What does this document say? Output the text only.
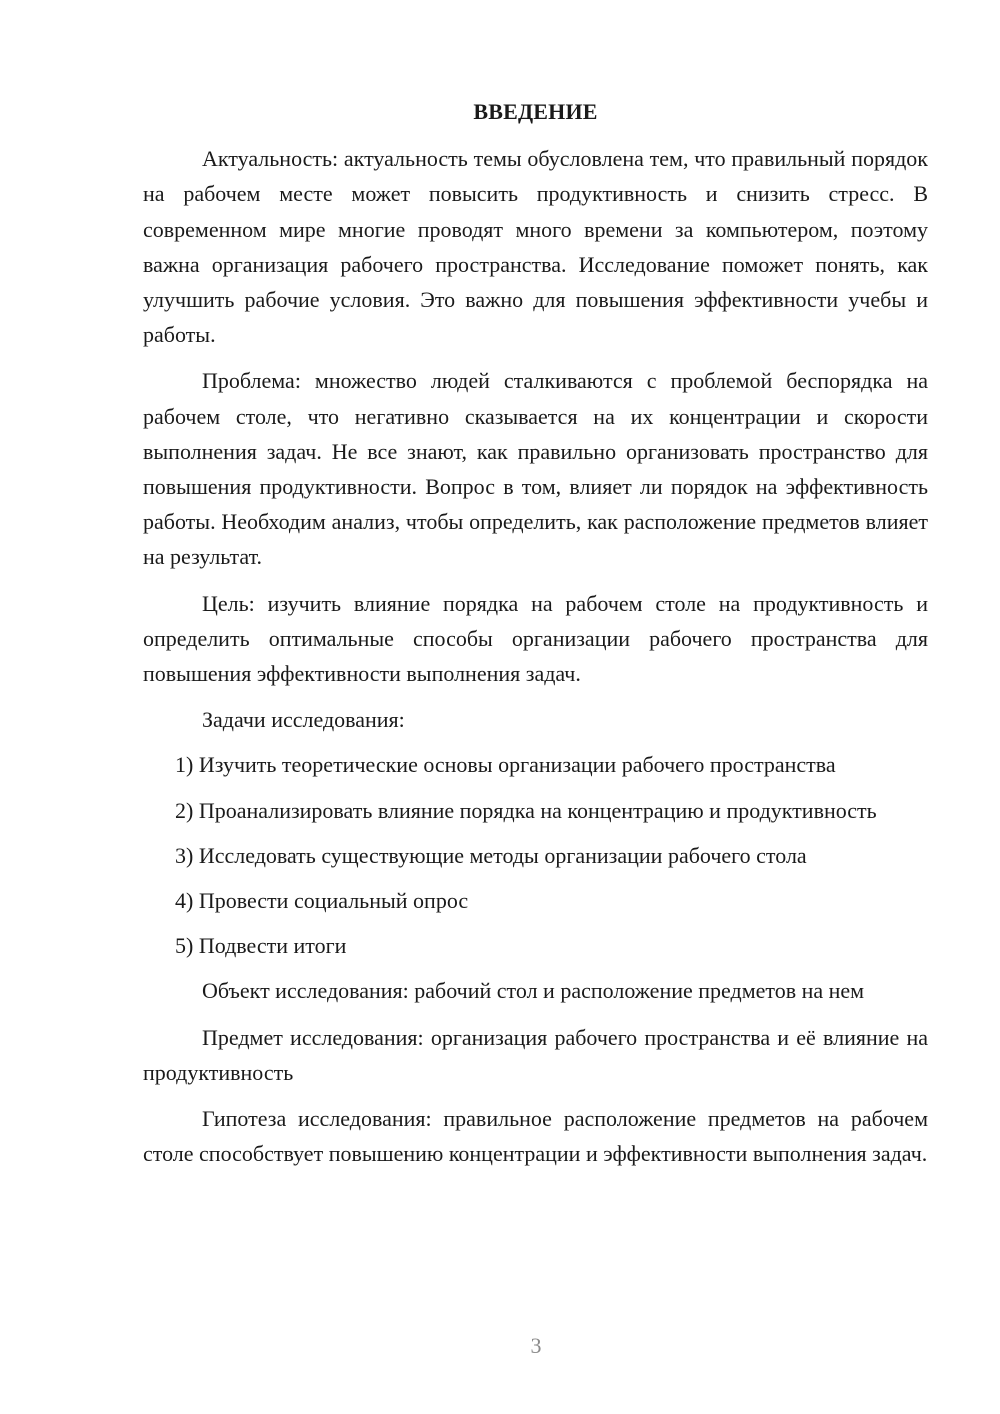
ВВЕДЕНИЕ

Актуальность: актуальность темы обусловлена тем, что правильный порядок на рабочем месте может повысить продуктивность и снизить стресс. В современном мире многие проводят много времени за компьютером, поэтому важна организация рабочего пространства. Исследование поможет понять, как улучшить рабочие условия. Это важно для повышения эффективности учебы и работы.

Проблема: множество людей сталкиваются с проблемой беспорядка на рабочем столе, что негативно сказывается на их концентрации и скорости выполнения задач. Не все знают, как правильно организовать пространство для повышения продуктивности. Вопрос в том, влияет ли порядок на эффективность работы. Необходим анализ, чтобы определить, как расположение предметов влияет на результат.

Цель: изучить влияние порядка на рабочем столе на продуктивность и определить оптимальные способы организации рабочего пространства для повышения эффективности выполнения задач.

Задачи исследования:

1) Изучить теоретические основы организации рабочего пространства

2) Проанализировать влияние порядка на концентрацию и продуктивность

3) Исследовать существующие методы организации рабочего стола

4) Провести социальный опрос

5) Подвести итоги

Объект исследования: рабочий стол и расположение предметов на нем

Предмет исследования: организация рабочего пространства и её влияние на продуктивность

Гипотеза исследования: правильное расположение предметов на рабочем столе способствует повышению концентрации и эффективности выполнения задач.

3
